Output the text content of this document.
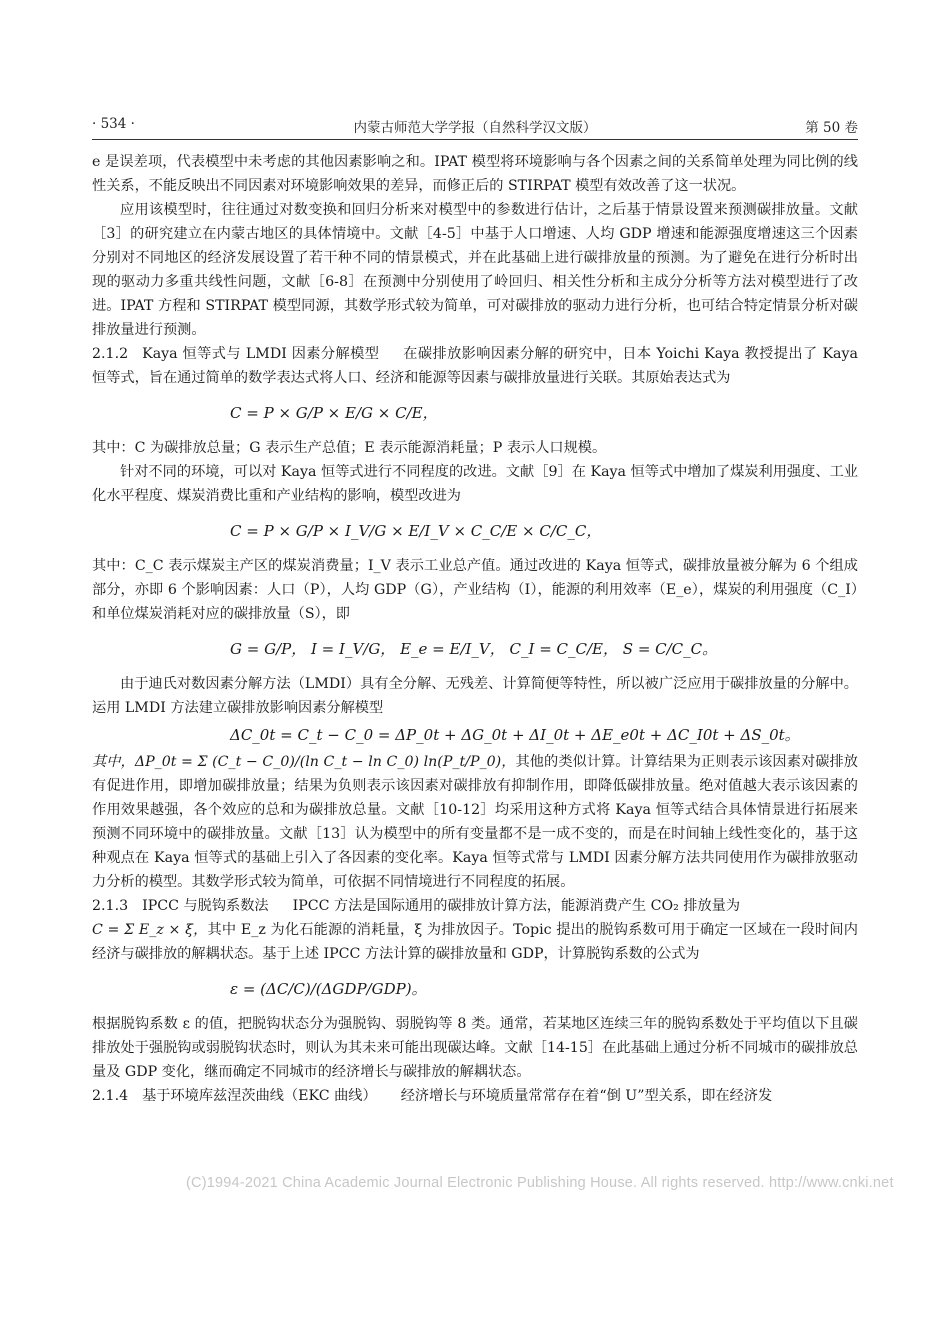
· 534 ·	内蒙古师范大学学报（自然科学汉文版）	第 50 卷

e 是误差项，代表模型中未考虑的其他因素影响之和。IPAT 模型将环境影响与各个因素之间的关系简单处理为同比例的线性关系，不能反映出不同因素对环境影响效果的差异，而修正后的 STIRPAT 模型有效改善了这一状况。

应用该模型时，往往通过对数变换和回归分析来对模型中的参数进行估计，之后基于情景设置来预测碳排放量。文献［3］的研究建立在内蒙古地区的具体情境中。文献［4-5］中基于人口增速、人均 GDP 增速和能源强度增速这三个因素分别对不同地区的经济发展设置了若干种不同的情景模式，并在此基础上进行碳排放量的预测。为了避免在进行分析时出现的驱动力多重共线性问题，文献［6-8］在预测中分别使用了岭回归、相关性分析和主成分分析等方法对模型进行了改进。IPAT 方程和 STIRPAT 模型同源，其数学形式较为简单，可对碳排放的驱动力进行分析，也可结合特定情景分析对碳排放量进行预测。

2.1.2 Kaya 恒等式与 LMDI 因素分解模型 在碳排放影响因素分解的研究中，日本 Yoichi Kaya 教授提出了 Kaya 恒等式，旨在通过简单的数学表达式将人口、经济和能源等因素与碳排放量进行关联。其原始表达式为

C = P × G/P × E/G × C/E，

其中：C 为碳排放总量；G 表示生产总值；E 表示能源消耗量；P 表示人口规模。

针对不同的环境，可以对 Kaya 恒等式进行不同程度的改进。文献［9］在 Kaya 恒等式中增加了煤炭利用强度、工业化水平程度、煤炭消费比重和产业结构的影响，模型改进为

C = P × G/P × I_V/G × E/I_V × C_C/E × C/C_C，

其中：C_C 表示煤炭主产区的煤炭消费量；I_V 表示工业总产值。通过改进的 Kaya 恒等式，碳排放量被分解为 6 个组成部分，亦即 6 个影响因素：人口（P），人均 GDP（G），产业结构（I），能源的利用效率（E_e），煤炭的利用强度（C_I）和单位煤炭消耗对应的碳排放量（S），即

G = G/P， I = I_V/G， E_e = E/I_V， C_I = C_C/E， S = C/C_C。

由于迪氏对数因素分解方法（LMDI）具有全分解、无残差、计算简便等特性，所以被广泛应用于碳排放量的分解中。运用 LMDI 方法建立碳排放影响因素分解模型

ΔC_0t = C_t − C_0 = ΔP_0t + ΔG_0t + ΔI_0t + ΔE_e0t + ΔC_I0t + ΔS_0t。

其中，ΔP_0t = Σ (C_t − C_0)/(ln C_t − ln C_0) ln(P_t/P_0)，其他的类似计算。计算结果为正则表示该因素对碳排放有促进作用，即增加碳排放量；结果为负则表示该因素对碳排放有抑制作用，即降低碳排放量。绝对值越大表示该因素的作用效果越强，各个效应的总和为碳排放总量。文献［10-12］均采用这种方式将 Kaya 恒等式结合具体情景进行拓展来预测不同环境中的碳排放量。文献［13］认为模型中的所有变量都不是一成不变的，而是在时间轴上线性变化的，基于这种观点在 Kaya 恒等式的基础上引入了各因素的变化率。Kaya 恒等式常与 LMDI 因素分解方法共同使用作为碳排放驱动力分析的模型。其数学形式较为简单，可依据不同情境进行不同程度的拓展。

2.1.3 IPCC 与脱钩系数法 IPCC 方法是国际通用的碳排放计算方法，能源消费产生 CO₂ 排放量为

C = Σ E_z × ξ，其中 E_z 为化石能源的消耗量，ξ 为排放因子。Topic 提出的脱钩系数可用于确定一区域在一段时间内经济与碳排放的解耦状态。基于上述 IPCC 方法计算的碳排放量和 GDP，计算脱钩系数的公式为

ε = (ΔC/C)/(ΔGDP/GDP)。

根据脱钩系数 ε 的值，把脱钩状态分为强脱钩、弱脱钩等 8 类。通常，若某地区连续三年的脱钩系数处于平均值以下且碳排放处于强脱钩或弱脱钩状态时，则认为其未来可能出现碳达峰。文献［14-15］在此基础上通过分析不同城市的碳排放总量及 GDP 变化，继而确定不同城市的经济增长与碳排放的解耦状态。

2.1.4 基于环境库兹涅茨曲线（EKC 曲线） 经济增长与环境质量常常存在着“倒 U”型关系，即在经济发

(C)1994-2021 China Academic Journal Electronic Publishing House. All rights reserved. http://www.cnki.net
